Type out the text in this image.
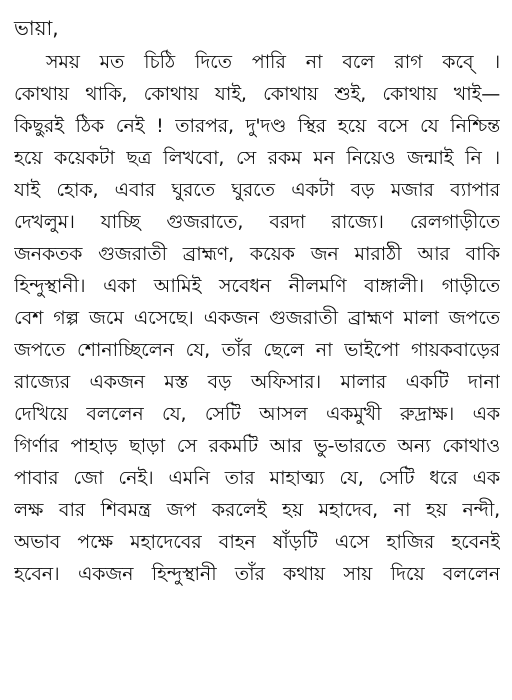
ভায়া,
সময় মত চিঠি দিতে পারি না বলে রাগ কবে্ ।
কোথায় থাকি, কোথায় যাই, কোথায় শুই, কোথায় খাই—
কিছুরই ঠিক নেই ! তারপর, দু'দণ্ড স্থির হয়ে বসে যে নিশ্চিন্ত
হয়ে কয়েকটা ছত্র লিখবো, সে রকম মন নিয়েও জন্মাই নি ।
যাই হোক, এবার ঘুরতে ঘুরতে একটা বড় মজার ব্যাপার
দেখলুম। যাচ্ছি গুজরাতে, বরদা রাজ্যে। রেলগাড়ীতে
জনকতক গুজরাতী ব্রাহ্মণ, কয়েক জন মারাঠী আর বাকি
হিন্দুস্থানী। একা আমিই সবেধন নীলমণি বাঙ্গালী। গাড়ীতে
বেশ গল্প জমে এসেছে। একজন গুজরাতী ব্রাহ্মণ মালা জপতে
জপতে শোনাচ্ছিলেন যে, তাঁর ছেলে না ভাইপো গায়কবাড়ের
রাজ্যের একজন মস্ত বড় অফিসার। মালার একটি দানা
দেখিয়ে বললেন যে, সেটি আসল একমুখী রুদ্রাক্ষ। এক
গির্ণার পাহাড় ছাড়া সে রকমটি আর ভু-ভারতে অন্য কোথাও
পাবার জো নেই। এমনি তার মাহাত্ম্য যে, সেটি ধরে এক
লক্ষ বার শিবমন্ত্র জপ করলেই হয় মহাদেব, না হয় নন্দী,
অভাব পক্ষে মহাদেবের বাহন ষাঁড়টি এসে হাজির হবেনই
হবেন। একজন হিন্দুস্থানী তাঁর কথায় সায় দিয়ে বললেন
